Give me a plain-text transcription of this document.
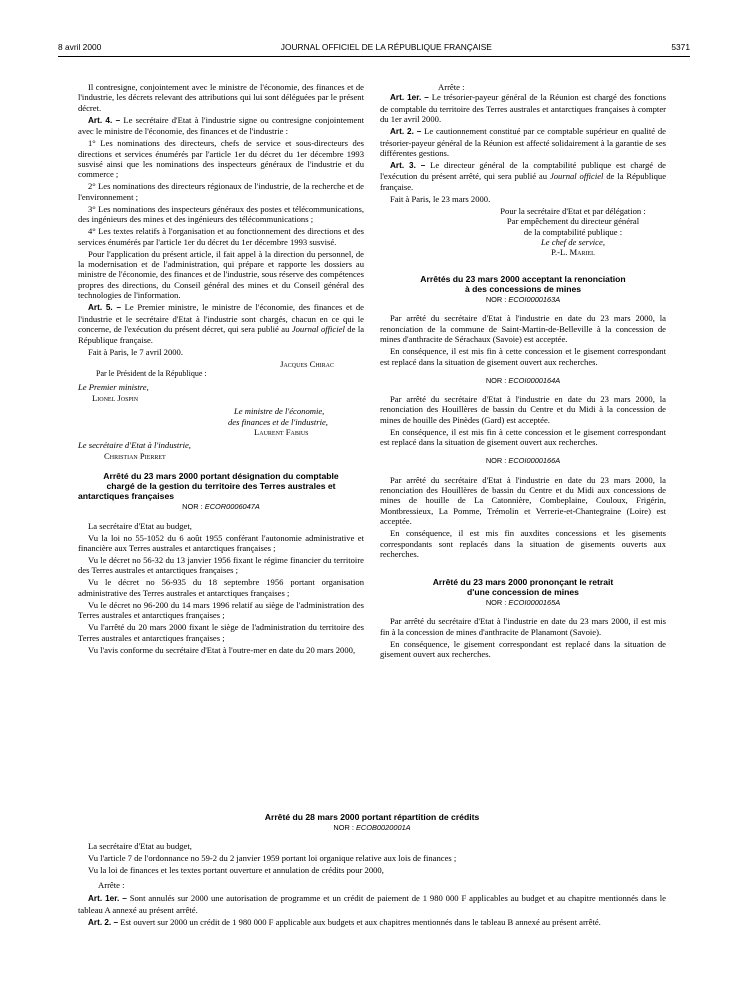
8 avril 2000	JOURNAL OFFICIEL DE LA RÉPUBLIQUE FRANÇAISE	5371

Il contresigne, conjointement avec le ministre de l'économie, des finances et de l'industrie, les décrets relevant des attributions qui lui sont déléguées par le présent décret.

Art. 4. – Le secrétaire d'Etat à l'industrie signe ou contresigne conjointement avec le ministre de l'économie, des finances et de l'industrie :

1° Les nominations des directeurs, chefs de service et sous-directeurs des directions et services énumérés par l'article 1er du décret du 1er décembre 1993 susvisé ainsi que les nominations des inspecteurs généraux de l'industrie et du commerce ;

2° Les nominations des directeurs régionaux de l'industrie, de la recherche et de l'environnement ;

3° Les nominations des inspecteurs généraux des postes et télécommunications, des ingénieurs des mines et des ingénieurs des télécommunications ;

4° Les textes relatifs à l'organisation et au fonctionnement des directions et des services énumérés par l'article 1er du décret du 1er décembre 1993 susvisé.

Pour l'application du présent article, il fait appel à la direction du personnel, de la modernisation et de l'administration, qui prépare et rapporte les dossiers au ministre de l'économie, des finances et de l'industrie, sous réserve des compétences propres des directions, du Conseil général des mines et du Conseil général des technologies de l'information.

Art. 5. – Le Premier ministre, le ministre de l'économie, des finances et de l'industrie et le secrétaire d'Etat à l'industrie sont chargés, chacun en ce qui le concerne, de l'exécution du présent décret, qui sera publié au Journal officiel de la République française.

Fait à Paris, le 7 avril 2000.

Jacques Chirac

Par le Président de la République :

Le Premier ministre,

Lionel Jospin

Le ministre de l'économie,

des finances et de l'industrie,

Laurent Fabius

Le secrétaire d'Etat à l'industrie,

Christian Pierret

Arrêté du 23 mars 2000 portant désignation du comptable

chargé de la gestion du territoire des Terres australes et

antarctiques françaises

NOR : ECOR0006047A

La secrétaire d'Etat au budget,

Vu la loi no 55-1052 du 6 août 1955 conférant l'autonomie administrative et financière aux Terres australes et antarctiques françaises ;

Vu le décret no 56-32 du 13 janvier 1956 fixant le régime financier du territoire des Terres australes et antarctiques françaises ;

Vu le décret no 56-935 du 18 septembre 1956 portant organisation administrative des Terres australes et antarctiques françaises ;

Vu le décret no 96-200 du 14 mars 1996 relatif au siège de l'administration des Terres australes et antarctiques françaises ;

Vu l'arrêté du 20 mars 2000 fixant le siège de l'administration du territoire des Terres australes et antarctiques françaises ;

Vu l'avis conforme du secrétaire d'Etat à l'outre-mer en date du 20 mars 2000,

Arrête :

Art. 1er. – Le trésorier-payeur général de la Réunion est chargé des fonctions de comptable du territoire des Terres australes et antarctiques françaises à compter du 1er avril 2000.

Art. 2. – Le cautionnement constitué par ce comptable supérieur en qualité de trésorier-payeur général de la Réunion est affecté solidairement à la garantie de ses différentes gestions.

Art. 3. – Le directeur général de la comptabilité publique est chargé de l'exécution du présent arrêté, qui sera publié au Journal officiel de la République française.

Fait à Paris, le 23 mars 2000.

Pour la secrétaire d'Etat et par délégation :

Par empêchement du directeur général

de la comptabilité publique :

Le chef de service,

P.-L. Mariel

Arrêtés du 23 mars 2000 acceptant la renonciation

à des concessions de mines

NOR : ECOI0000163A

Par arrêté du secrétaire d'Etat à l'industrie en date du 23 mars 2000, la renonciation de la commune de Saint-Martin-de-Belleville à la concession de mines d'anthracite de Sérachaux (Savoie) est acceptée.

En conséquence, il est mis fin à cette concession et le gisement correspondant est replacé dans la situation de gisement ouvert aux recherches.

NOR : ECOI0000164A

Par arrêté du secrétaire d'Etat à l'industrie en date du 23 mars 2000, la renonciation des Houillères de bassin du Centre et du Midi à la concession de mines de houille des Pinèdes (Gard) est acceptée.

En conséquence, il est mis fin à cette concession et le gisement correspondant est replacé dans la situation de gisement ouvert aux recherches.

NOR : ECOI0000166A

Par arrêté du secrétaire d'Etat à l'industrie en date du 23 mars 2000, la renonciation des Houillères de bassin du Centre et du Midi aux concessions de mines de houille de La Catonnière, Combeplaine, Couloux, Frigérin, Montbressieux, La Pomme, Trémolin et Verrerie-et-Chantegraine (Loire) est acceptée.

En conséquence, il est mis fin auxdites concessions et les gisements correspondants sont replacés dans la situation de gisements ouverts aux recherches.

Arrêté du 23 mars 2000 prononçant le retrait

d'une concession de mines

NOR : ECOI0000165A

Par arrêté du secrétaire d'Etat à l'industrie en date du 23 mars 2000, il est mis fin à la concession de mines d'anthracite de Planamont (Savoie).

En conséquence, le gisement correspondant est replacé dans la situation de gisement ouvert aux recherches.

Arrêté du 28 mars 2000 portant répartition de crédits

NOR : ECOB0020001A

La secrétaire d'Etat au budget,

Vu l'article 7 de l'ordonnance no 59-2 du 2 janvier 1959 portant loi organique relative aux lois de finances ;

Vu la loi de finances et les textes portant ouverture et annulation de crédits pour 2000,

Arrête :

Art. 1er. – Sont annulés sur 2000 une autorisation de programme et un crédit de paiement de 1 980 000 F applicables au budget et au chapitre mentionnés dans le tableau A annexé au présent arrêté.

Art. 2. – Est ouvert sur 2000 un crédit de 1 980 000 F applicable aux budgets et aux chapitres mentionnés dans le tableau B annexé au présent arrêté.
